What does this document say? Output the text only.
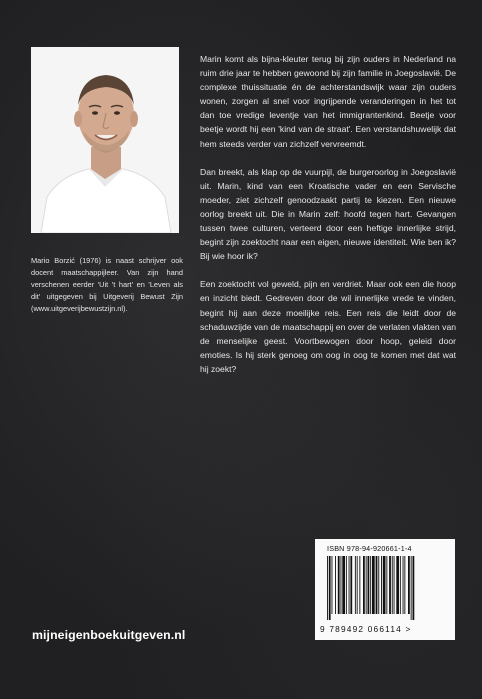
Mario Borzić (1976) is naast schrijver ook docent maatschappijleer. Van zijn hand verschenen eerder 'Uit 't hart' en 'Leven als dit' uitgegeven bij Uitgeverij Bewust Zijn (www.uitgeverijbewustzijn.nl).

Marin komt als bijna-kleuter terug bij zijn ouders in Nederland na ruim drie jaar te hebben gewoond bij zijn familie in Joegoslavië. De complexe thuissituatie én de achterstandswijk waar zijn ouders wonen, zorgen al snel voor ingrijpende veranderingen in het tot dan toe vredige leventje van het immigrantenkind. Beetje voor beetje wordt hij een 'kind van de straat'. Een verstandshuwelijk dat hem steeds verder van zichzelf vervreemdt.

Dan breekt, als klap op de vuurpijl, de burgeroorlog in Joegoslavië uit. Marin, kind van een Kroatische vader en een Servische moeder, ziet zichzelf genoodzaakt partij te kiezen. Een nieuwe oorlog breekt uit. Die in Marin zelf: hoofd tegen hart. Gevangen tussen twee culturen, verteerd door een heftige innerlijke strijd, begint zijn zoektocht naar een eigen, nieuwe identiteit. Wie ben ik? Bij wie hoor ik?

Een zoektocht vol geweld, pijn en verdriet. Maar ook een die hoop en inzicht biedt. Gedreven door de wil innerlijke vrede te vinden, begint hij aan deze moeilijke reis. Een reis die leidt door de schaduwzijde van de maatschappij en over de verlaten vlakten van de menselijke geest. Voortbewogen door hoop, geleid door emoties. Is hij sterk genoeg om oog in oog te komen met dat wat hij zoekt?

ISBN 978-94-920661-1-4
9 789492 066114 >
mijneigenboekuitgeven.nl
